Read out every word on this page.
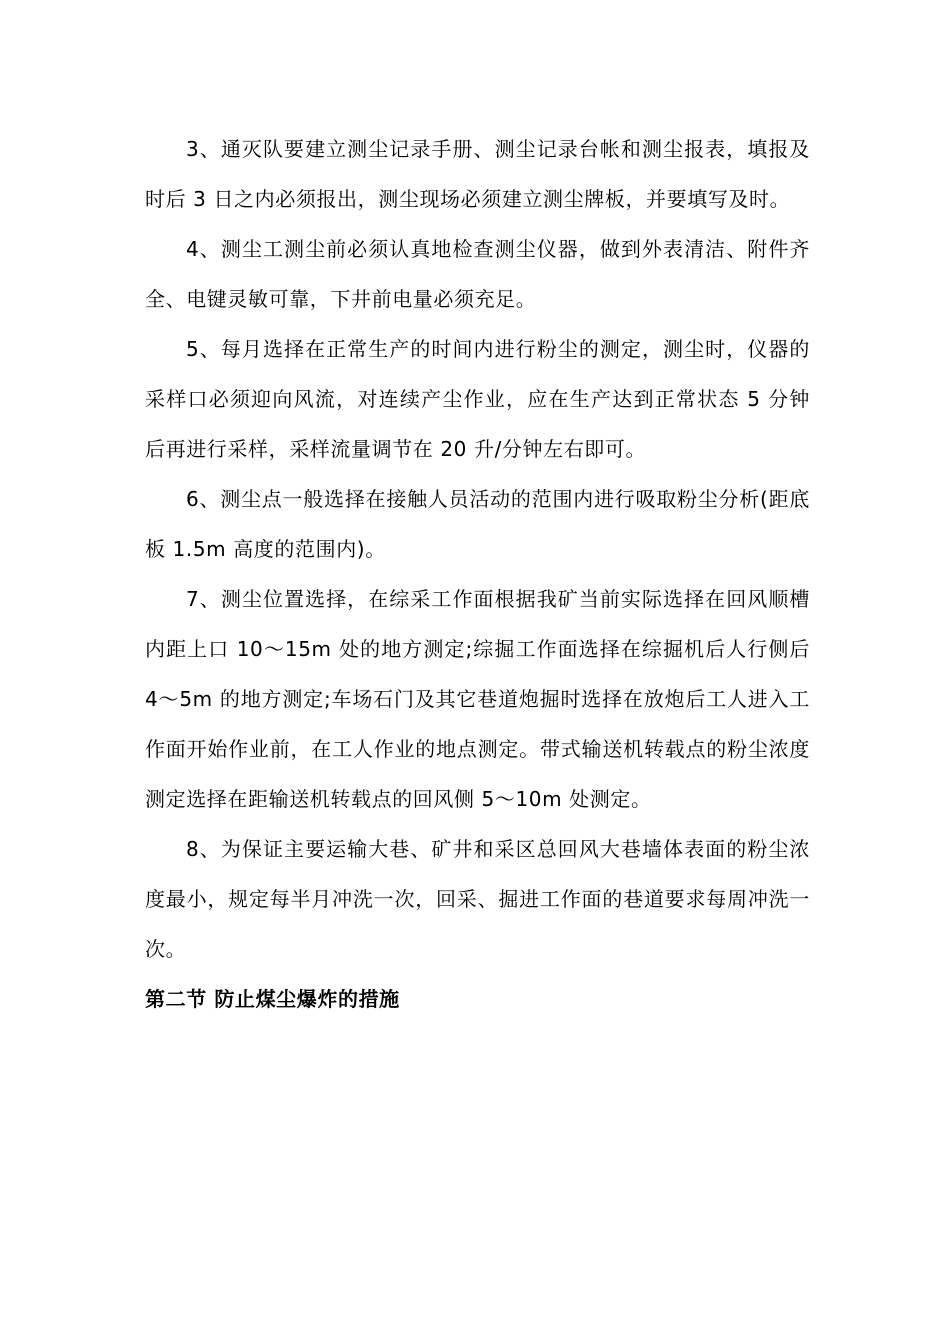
3、通灭队要建立测尘记录手册、测尘记录台帐和测尘报表，填报及时后 3 日之内必须报出，测尘现场必须建立测尘牌板，并要填写及时。

4、测尘工测尘前必须认真地检查测尘仪器，做到外表清洁、附件齐全、电键灵敏可靠，下井前电量必须充足。

5、每月选择在正常生产的时间内进行粉尘的测定，测尘时，仪器的采样口必须迎向风流，对连续产尘作业，应在生产达到正常状态 5 分钟后再进行采样，采样流量调节在 20 升/分钟左右即可。

6、测尘点一般选择在接触人员活动的范围内进行吸取粉尘分析(距底板 1.5m 高度的范围内)。

7、测尘位置选择，在综采工作面根据我矿当前实际选择在回风顺槽内距上口 10～15m 处的地方测定;综掘工作面选择在综掘机后人行侧后 4～5m 的地方测定;车场石门及其它巷道炮掘时选择在放炮后工人进入工作面开始作业前，在工人作业的地点测定。带式输送机转载点的粉尘浓度测定选择在距输送机转载点的回风侧 5～10m 处测定。

8、为保证主要运输大巷、矿井和采区总回风大巷墙体表面的粉尘浓度最小，规定每半月冲洗一次，回采、掘进工作面的巷道要求每周冲洗一次。

第二节 防止煤尘爆炸的措施
